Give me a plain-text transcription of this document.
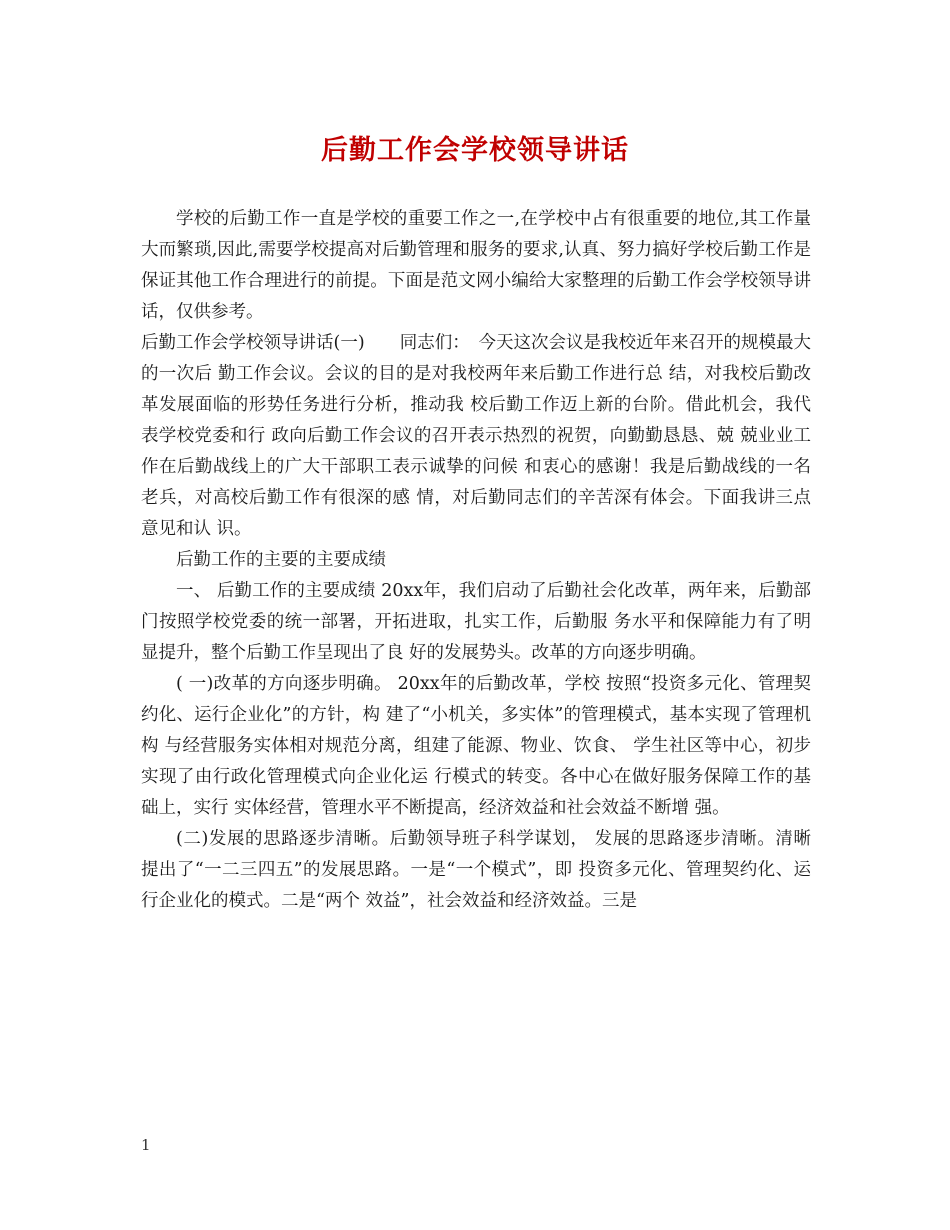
后勤工作会学校领导讲话

学校的后勤工作一直是学校的重要工作之一,在学校中占有很重要的地位,其工作量大而繁琐,因此,需要学校提高对后勤管理和服务的要求,认真、努力搞好学校后勤工作是保证其他工作合理进行的前提。下面是范文网小编给大家整理的后勤工作会学校领导讲话，仅供参考。

后勤工作会学校领导讲话(一)　　同志们：　今天这次会议是我校近年来召开的规模最大的一次后 勤工作会议。会议的目的是对我校两年来后勤工作进行总 结，对我校后勤改革发展面临的形势任务进行分析，推动我 校后勤工作迈上新的台阶。借此机会，我代表学校党委和行 政向后勤工作会议的召开表示热烈的祝贺，向勤勤恳恳、兢 兢业业工作在后勤战线上的广大干部职工表示诚挚的问候 和衷心的感谢！我是后勤战线的一名老兵，对高校后勤工作有很深的感 情，对后勤同志们的辛苦深有体会。下面我讲三点意见和认 识。

后勤工作的主要的主要成绩

一、 后勤工作的主要成绩 20xx年，我们启动了后勤社会化改革，两年来，后勤部 门按照学校党委的统一部署，开拓进取，扎实工作，后勤服 务水平和保障能力有了明显提升，整个后勤工作呈现出了良 好的发展势头。改革的方向逐步明确。

( 一)改革的方向逐步明确。 20xx年的后勤改革，学校 按照“投资多元化、管理契约化、运行企业化”的方针，构 建了“小机关，多实体”的管理模式，基本实现了管理机构 与经营服务实体相对规范分离，组建了能源、物业、饮食、 学生社区等中心，初步实现了由行政化管理模式向企业化运 行模式的转变。各中心在做好服务保障工作的基础上，实行 实体经营，管理水平不断提高，经济效益和社会效益不断增 强。

(二)发展的思路逐步清晰。后勤领导班子科学谋划， 发展的思路逐步清晰。清晰 提出了“一二三四五”的发展思路。一是“一个模式”，即 投资多元化、管理契约化、运行企业化的模式。二是“两个 效益”，社会效益和经济效益。三是

1
